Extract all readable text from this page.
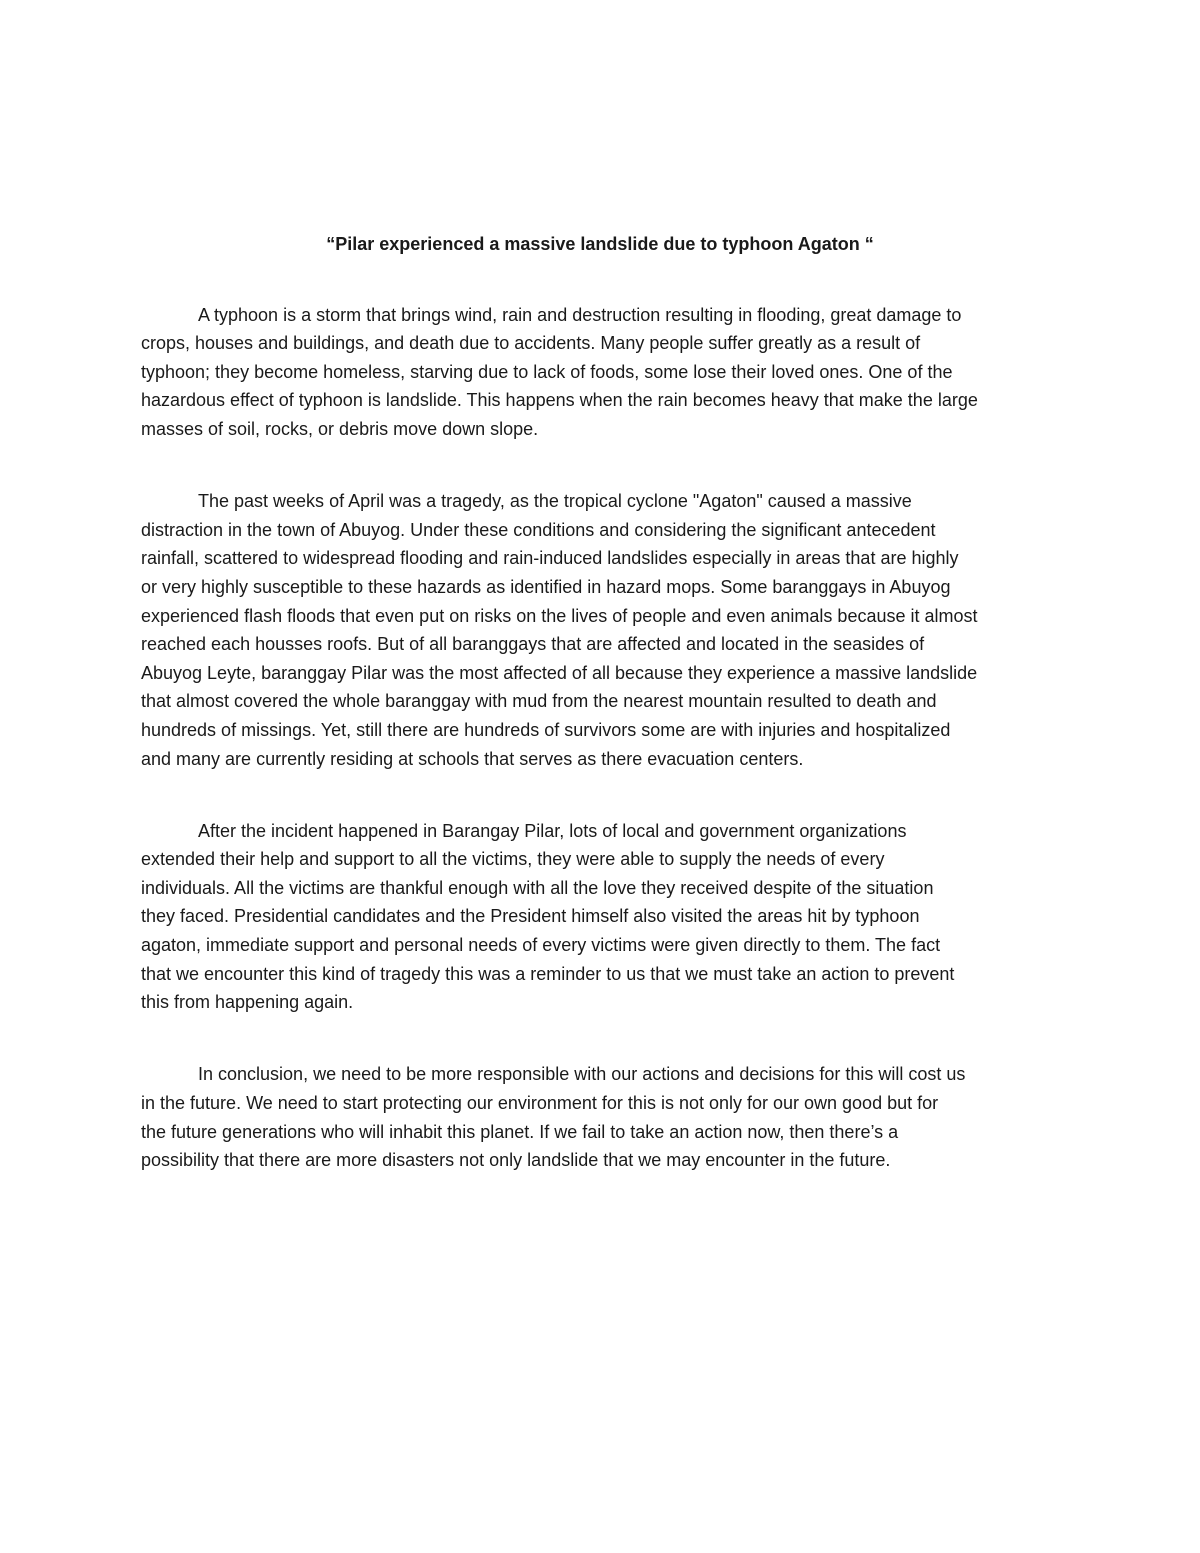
“Pilar experienced a massive landslide due to typhoon Agaton “

A typhoon is a storm that brings wind, rain and destruction resulting in flooding, great damage to
crops, houses and buildings, and death due to accidents. Many people suffer greatly as a result of
typhoon; they become homeless, starving due to lack of foods, some lose their loved ones. One of the
hazardous effect of typhoon is landslide. This happens when the rain becomes heavy that make the large
masses of soil, rocks, or debris move down slope.

The past weeks of April was a tragedy, as the tropical cyclone "Agaton" caused a massive
distraction in the town of Abuyog. Under these conditions and considering the significant antecedent
rainfall, scattered to widespread flooding and rain-induced landslides especially in areas that are highly
or very highly susceptible to these hazards as identified in hazard mops. Some baranggays in Abuyog
experienced flash floods that even put on risks on the lives of people and even animals because it almost
reached each housses roofs. But of all baranggays that are affected and located in the seasides of
Abuyog Leyte, baranggay Pilar was the most affected of all because they experience a massive landslide
that almost covered the whole baranggay with mud from the nearest mountain resulted to death and
hundreds of missings. Yet, still there are hundreds of survivors some are with injuries and hospitalized
and many are currently residing at schools that serves as there evacuation centers.

After the incident happened in Barangay Pilar, lots of local and government organizations
extended their help and support to all the victims, they were able to supply the needs of every
individuals. All the victims are thankful enough with all the love they received despite of the situation
they faced. Presidential candidates and the President himself also visited the areas hit by typhoon
agaton, immediate support and personal needs of every victims were given directly to them. The fact
that we encounter this kind of tragedy this was a reminder to us that we must take an action to prevent
this from happening again.

In conclusion, we need to be more responsible with our actions and decisions for this will cost us
in the future. We need to start protecting our environment for this is not only for our own good but for
the future generations who will inhabit this planet. If we fail to take an action now, then there’s a
possibility that there are more disasters not only landslide that we may encounter in the future.
